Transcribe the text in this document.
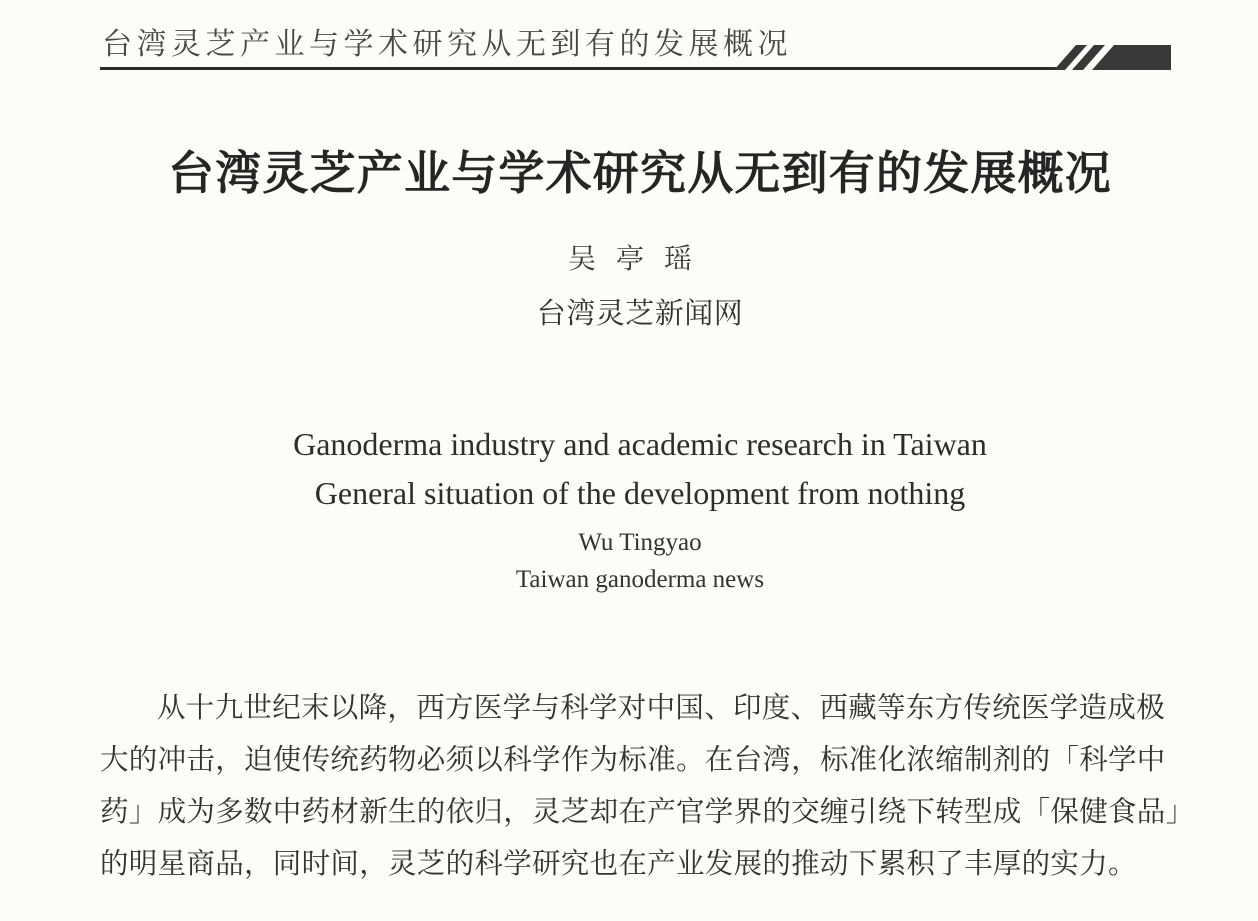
台湾灵芝产业与学术研究从无到有的发展概况
台湾灵芝产业与学术研究从无到有的发展概况
吴亭瑶
台湾灵芝新闻网
Ganoderma industry and academic research in Taiwan
General situation of the development from nothing
Wu Tingyao
Taiwan ganoderma news

从十九世纪末以降，西方医学与科学对中国、印度、西藏等东方传统医学造成极

大的冲击，迫使传统药物必须以科学作为标准。在台湾，标准化浓缩制剂的「科学中

药」成为多数中药材新生的依归，灵芝却在产官学界的交缠引绕下转型成「保健食品」

的明星商品，同时间，灵芝的科学研究也在产业发展的推动下累积了丰厚的实力。
